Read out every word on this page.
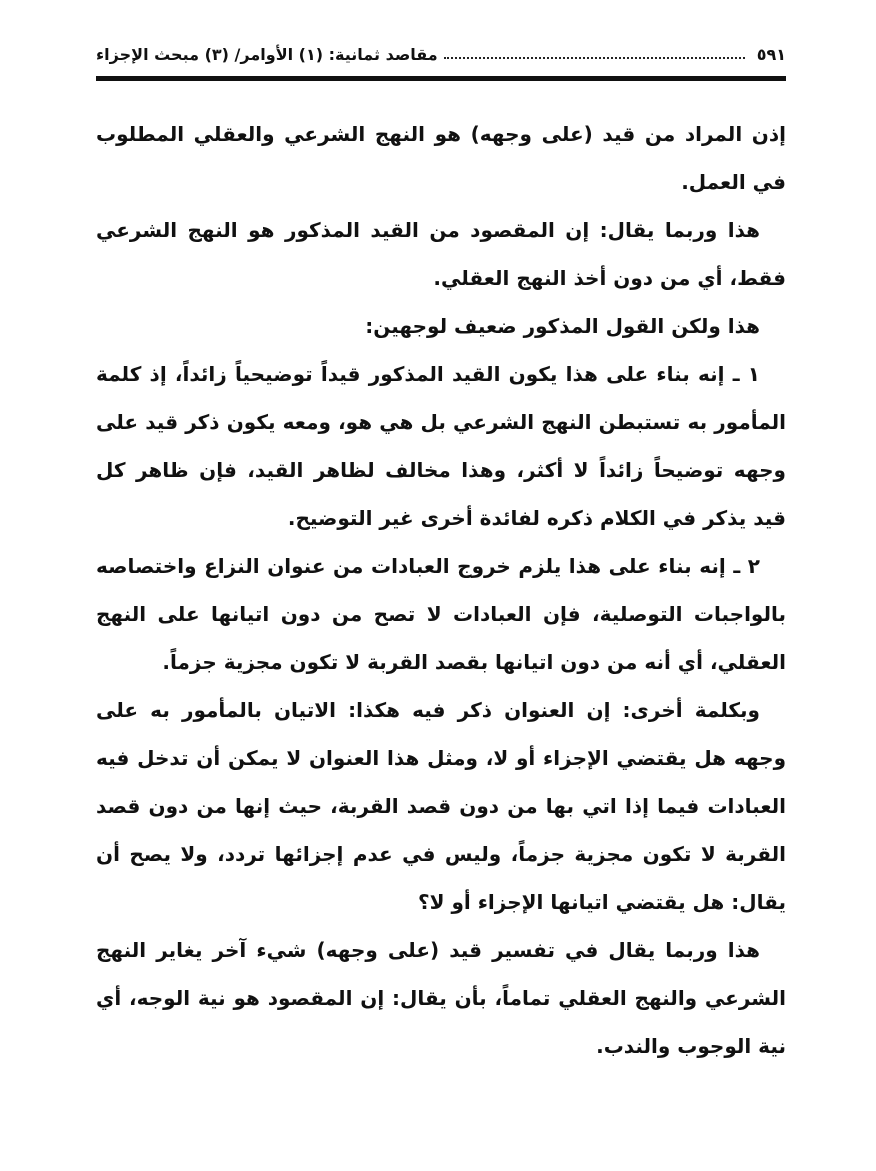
٥٩١
مقاصد ثمانية: (١) الأوامر/ (٣) مبحث الإجزاء

إذن المراد من قيد (على وجهه) هو النهج الشرعي والعقلي المطلوب في العمل.

هذا وربما يقال: إن المقصود من القيد المذكور هو النهج الشرعي فقط، أي من دون أخذ النهج العقلي.

هذا ولكن القول المذكور ضعيف لوجهين:

١ ـ إنه بناء على هذا يكون القيد المذكور قيداً توضيحياً زائداً، إذ كلمة المأمور به تستبطن النهج الشرعي بل هي هو، ومعه يكون ذكر قيد على وجهه توضيحاً زائداً لا أكثر، وهذا مخالف لظاهر القيد، فإن ظاهر كل قيد يذكر في الكلام ذكره لفائدة أخرى غير التوضيح.

٢ ـ إنه بناء على هذا يلزم خروج العبادات من عنوان النزاع واختصاصه بالواجبات التوصلية، فإن العبادات لا تصح من دون اتيانها على النهج العقلي، أي أنه من دون اتيانها بقصد القربة لا تكون مجزية جزماً.

وبكلمة أخرى: إن العنوان ذكر فيه هكذا: الاتيان بالمأمور به على وجهه هل يقتضي الإجزاء أو لا، ومثل هذا العنوان لا يمكن أن تدخل فيه العبادات فيما إذا اتي بها من دون قصد القربة، حيث إنها من دون قصد القربة لا تكون مجزية جزماً، وليس في عدم إجزائها تردد، ولا يصح أن يقال: هل يقتضي اتيانها الإجزاء أو لا؟

هذا وربما يقال في تفسير قيد (على وجهه) شيء آخر يغاير النهج الشرعي والنهج العقلي تماماً، بأن يقال: إن المقصود هو نية الوجه، أي نية الوجوب والندب.
